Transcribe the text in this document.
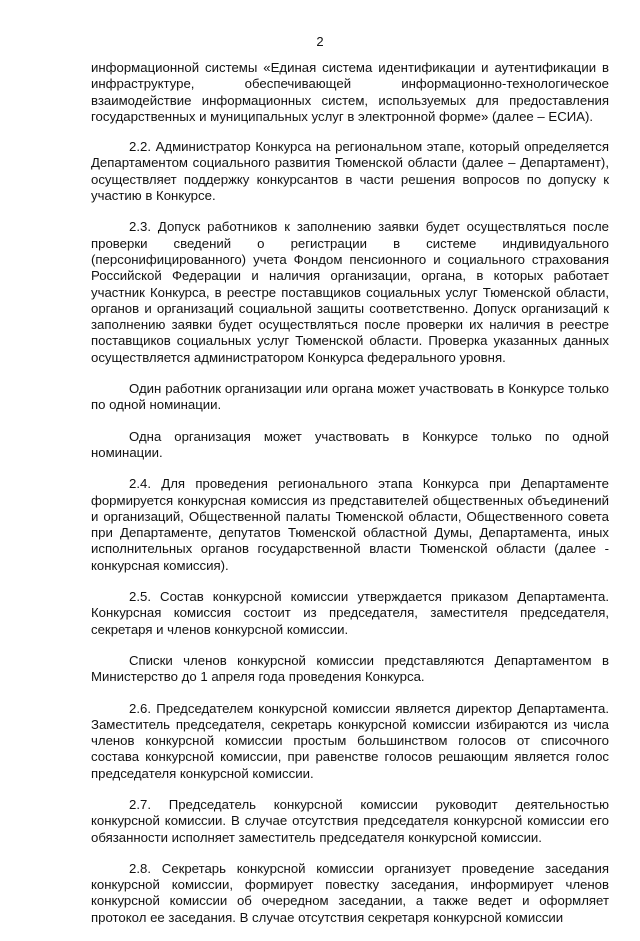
2

информационной системы «Единая система идентификации и аутентификации в инфраструктуре, обеспечивающей информационно-технологическое взаимодействие информационных систем, используемых для предоставления государственных и муниципальных услуг в электронной форме» (далее – ЕСИА).

2.2. Администратор Конкурса на региональном этапе, который определяется Департаментом социального развития Тюменской области (далее – Департамент), осуществляет поддержку конкурсантов в части решения вопросов по допуску к участию в Конкурсе.

2.3. Допуск работников к заполнению заявки будет осуществляться после проверки сведений о регистрации в системе индивидуального (персонифицированного) учета Фондом пенсионного и социального страхования Российской Федерации и наличия организации, органа, в которых работает участник Конкурса, в реестре поставщиков социальных услуг Тюменской области, органов и организаций социальной защиты соответственно. Допуск организаций к заполнению заявки будет осуществляться после проверки их наличия в реестре поставщиков социальных услуг Тюменской области. Проверка указанных данных осуществляется администратором Конкурса федерального уровня.

Один работник организации или органа может участвовать в Конкурсе только по одной номинации.

Одна организация может участвовать в Конкурсе только по одной номинации.

2.4. Для проведения регионального этапа Конкурса при Департаменте формируется конкурсная комиссия из представителей общественных объединений и организаций, Общественной палаты Тюменской области, Общественного совета при Департаменте, депутатов Тюменской областной Думы, Департамента, иных исполнительных органов государственной власти Тюменской области (далее - конкурсная комиссия).

2.5. Состав конкурсной комиссии утверждается приказом Департамента. Конкурсная комиссия состоит из председателя, заместителя председателя, секретаря и членов конкурсной комиссии.

Списки членов конкурсной комиссии представляются Департаментом в Министерство до 1 апреля года проведения Конкурса.

2.6. Председателем конкурсной комиссии является директор Департамента. Заместитель председателя, секретарь конкурсной комиссии избираются из числа членов конкурсной комиссии простым большинством голосов от списочного состава конкурсной комиссии, при равенстве голосов решающим является голос председателя конкурсной комиссии.

2.7. Председатель конкурсной комиссии руководит деятельностью конкурсной комиссии. В случае отсутствия председателя конкурсной комиссии его обязанности исполняет заместитель председателя конкурсной комиссии.

2.8. Секретарь конкурсной комиссии организует проведение заседания конкурсной комиссии, формирует повестку заседания, информирует членов конкурсной комиссии об очередном заседании, а также ведет и оформляет протокол ее заседания. В случае отсутствия секретаря конкурсной комиссии
